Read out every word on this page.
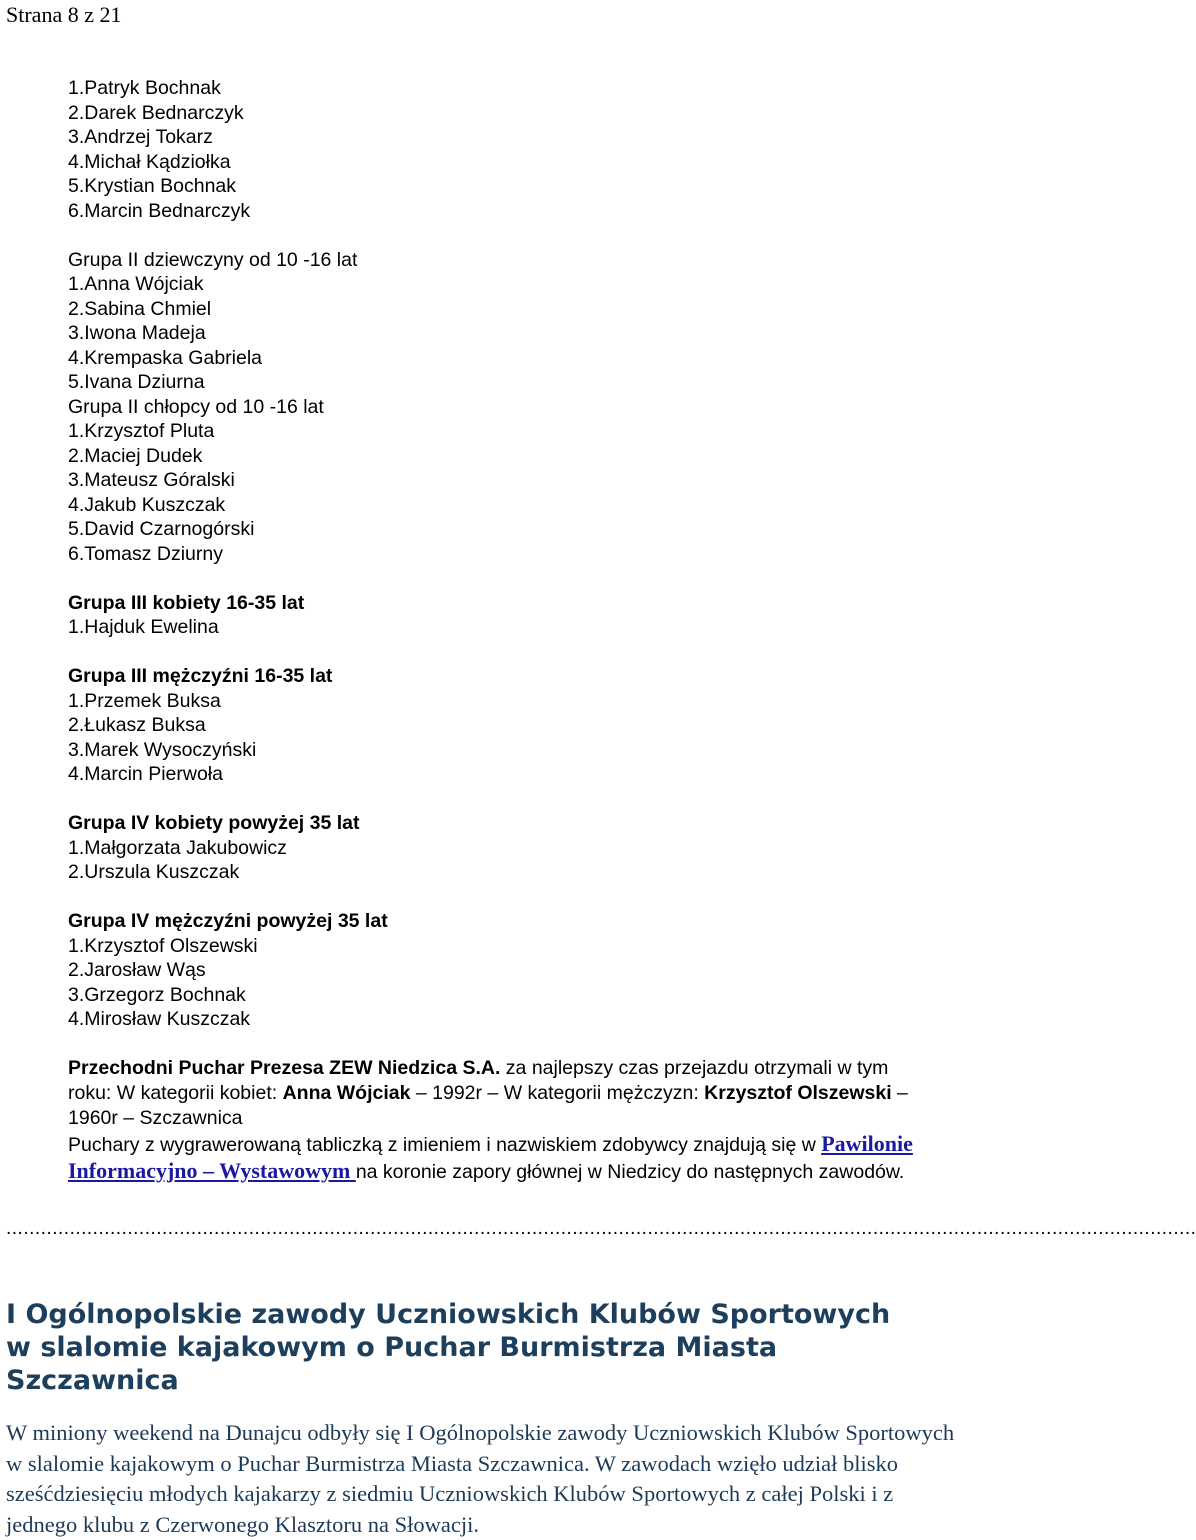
Strana 8 z 21
1.Patryk Bochnak
2.Darek Bednarczyk
3.Andrzej Tokarz
4.Michał Kądziołka
5.Krystian Bochnak
6.Marcin Bednarczyk
Grupa II dziewczyny od 10 -16 lat
1.Anna Wójciak
2.Sabina Chmiel
3.Iwona Madeja
4.Krempaska Gabriela
5.Ivana Dziurna
Grupa II chłopcy od 10 -16 lat
1.Krzysztof Pluta
2.Maciej Dudek
3.Mateusz Góralski
4.Jakub Kuszczak
5.David Czarnogórski
6.Tomasz Dziurny
Grupa III kobiety 16-35 lat
1.Hajduk Ewelina
Grupa III mężczyźni 16-35 lat
1.Przemek Buksa
2.Łukasz Buksa
3.Marek Wysoczyński
4.Marcin Pierwoła
Grupa IV kobiety powyżej 35 lat
1.Małgorzata Jakubowicz
2.Urszula Kuszczak
Grupa IV mężczyźni powyżej 35 lat
1.Krzysztof Olszewski
2.Jarosław Wąs
3.Grzegorz Bochnak
4.Mirosław Kuszczak
Przechodni Puchar Prezesa ZEW Niedzica S.A. za najlepszy czas przejazdu otrzymali w tym roku: W kategorii kobiet: Anna Wójciak – 1992r – W kategorii mężczyzn: Krzysztof Olszewski – 1960r – Szczawnica
Puchary z wygrawerowaną tabliczką z imieniem i nazwiskiem zdobywcy znajdują się w Pawilonie Informacyjno – Wystawowym na koronie zapory głównej w Niedzicy do następnych zawodów.
..............................................................................................................................................................................................................
I Ogólnopolskie zawody Uczniowskich Klubów Sportowych w slalomie kajakowym o Puchar Burmistrza Miasta Szczawnica
W miniony weekend na Dunajcu odbyły się I Ogólnopolskie zawody Uczniowskich Klubów Sportowych w slalomie kajakowym o Puchar Burmistrza Miasta Szczawnica. W zawodach wzięło udział blisko sześćdziesięciu młodych kajakarzy z siedmiu Uczniowskich Klubów Sportowych z całej Polski i z jednego klubu z Czerwonego Klasztoru na Słowacji.
